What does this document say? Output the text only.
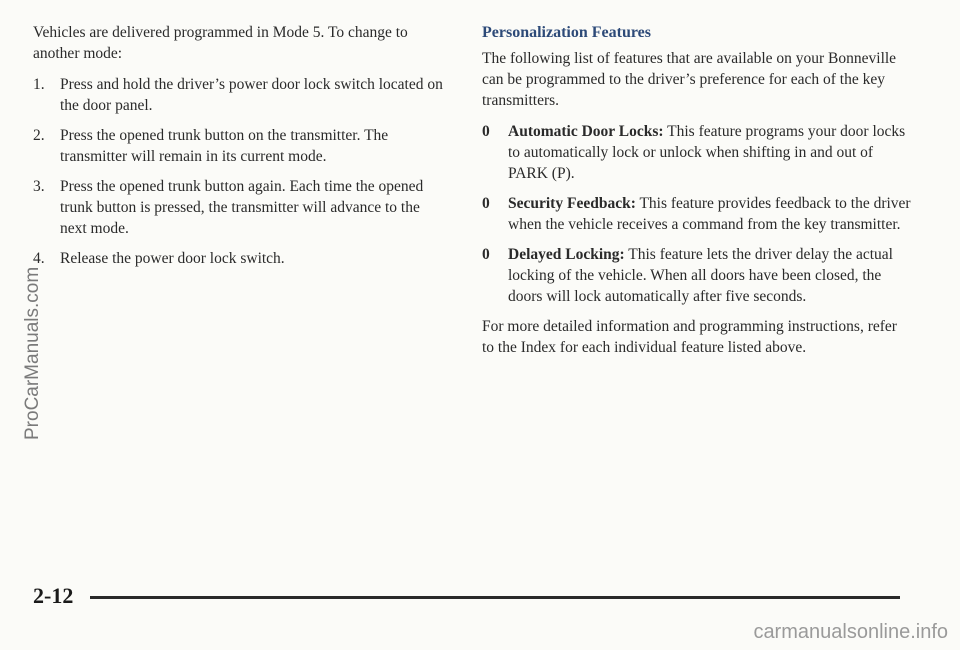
ProCarManuals.com

Vehicles are delivered programmed in Mode 5. To change to another mode:

1. Press and hold the driver’s power door lock switch located on the door panel.
2. Press the opened trunk button on the transmitter. The transmitter will remain in its current mode.
3. Press the opened trunk button again. Each time the opened trunk button is pressed, the transmitter will advance to the next mode.
4. Release the power door lock switch.
Personalization Features

The following list of features that are available on your Bonneville can be programmed to the driver’s preference for each of the key transmitters.

0 Automatic Door Locks: This feature programs your door locks to automatically lock or unlock when shifting in and out of PARK (P).
0 Security Feedback: This feature provides feedback to the driver when the vehicle receives a command from the key transmitter.
0 Delayed Locking: This feature lets the driver delay the actual locking of the vehicle. When all doors have been closed, the doors will lock automatically after five seconds.

For more detailed information and programming instructions, refer to the Index for each individual feature listed above.

2-12
carmanualsonline.info
